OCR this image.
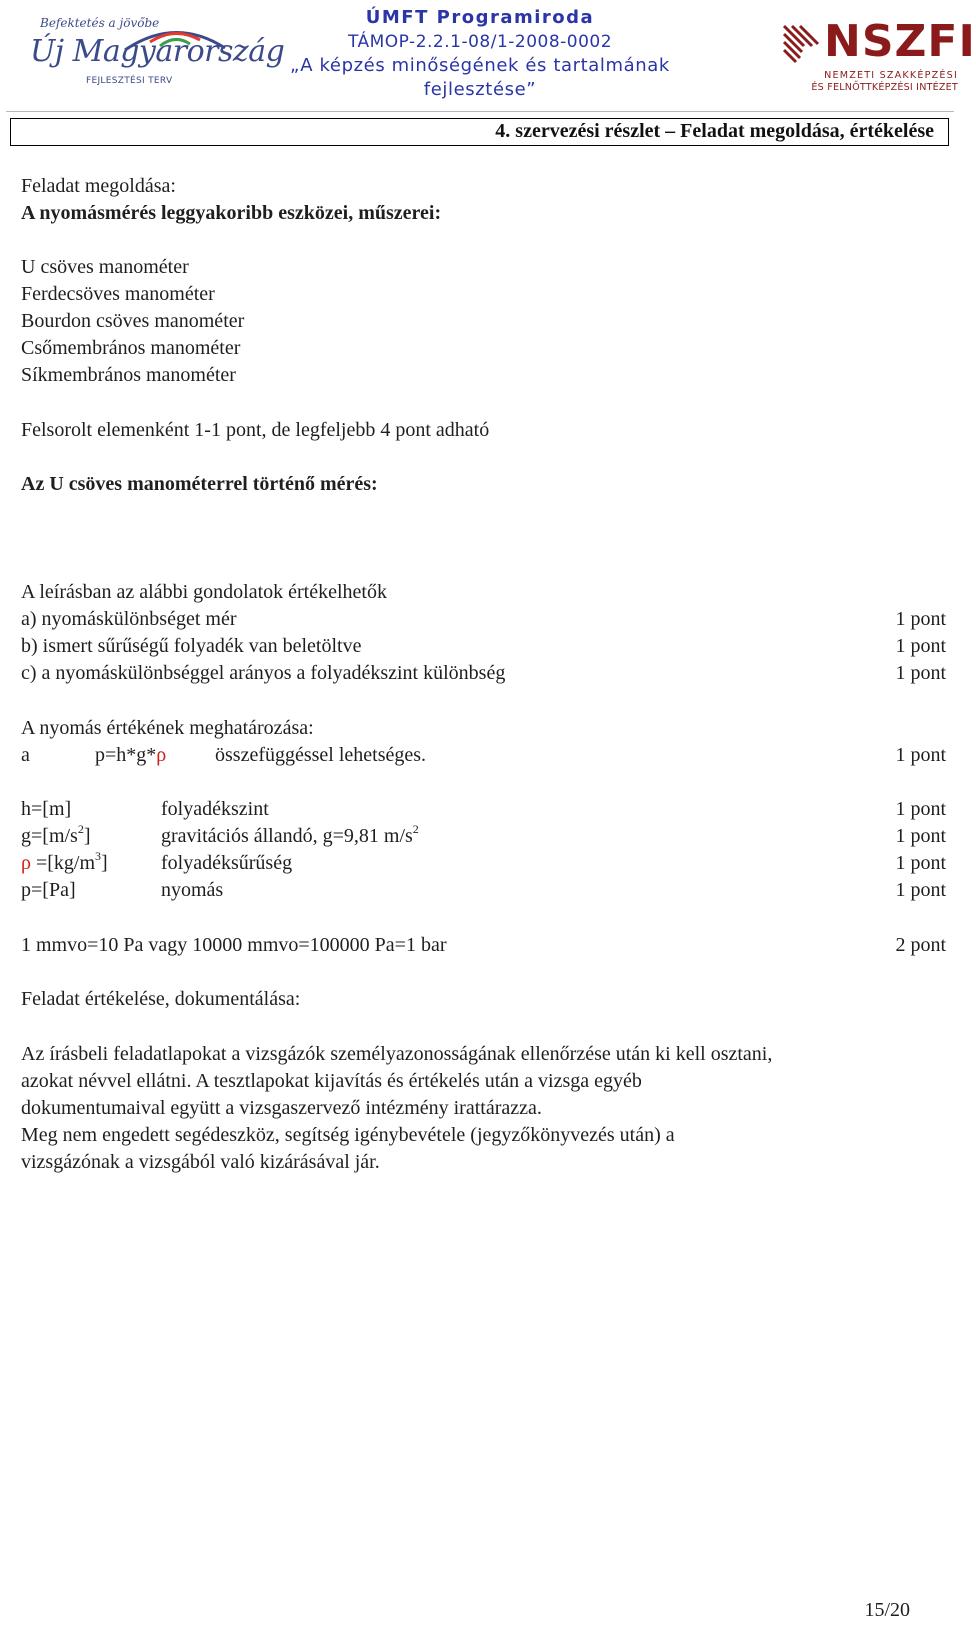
Befektetés a jövőbe
Új Magyarország
FEJLESZTÉSI TERV
ÚMFT Programiroda
TÁMOP-2.2.1-08/1-2008-0002
„A képzés minőségének és tartalmának
fejlesztése”
NSZFI
NEMZETI SZAKKÉPZÉSI
ÉS FELNŐTTKÉPZÉSI INTÉZET
4. szervezési részlet – Feladat megoldása, értékelése
Feladat megoldása:
A nyomásmérés leggyakoribb eszközei, műszerei:
U csöves manométer
Ferdecsöves manométer
Bourdon csöves manométer
Csőmembrános manométer
Síkmembrános manométer
Felsorolt elemenként 1-1 pont, de legfeljebb 4 pont adható
Az U csöves manométerrel történő mérés:
A leírásban az alábbi gondolatok értékelhetők
a) nyomáskülönbséget mér	1 pont
b) ismert sűrűségű folyadék van beletöltve	1 pont
c) a nyomáskülönbséggel arányos a folyadékszint különbség	1 pont
A nyomás értékének meghatározása:
a	p=h*g*ρ összefüggéssel lehetséges.	1 pont
h=[m]	folyadékszint	1 pont
$g=[m/s^2]$	gravitációs állandó, g=9,81 $m/s^2$	1 pont
$\rho =[kg/m^3]$	folyadéksűrűség	1 pont
p=[Pa]	nyomás	1 pont
1 mmvo=10 Pa vagy 10000 mmvo=100000 Pa=1 bar	2 pont
Feladat értékelése, dokumentálása:
Az írásbeli feladatlapokat a vizsgázók személyazonosságának ellenőrzése után ki kell osztani,
azokat névvel ellátni. A tesztlapokat kijavítás és értékelés után a vizsga egyéb
dokumentumaival együtt a vizsgaszervező intézmény irattárazza.
Meg nem engedett segédeszköz, segítség igénybevétele (jegyzőkönyvezés után) a
vizsgázónak a vizsgából való kizárásával jár.
15/20
